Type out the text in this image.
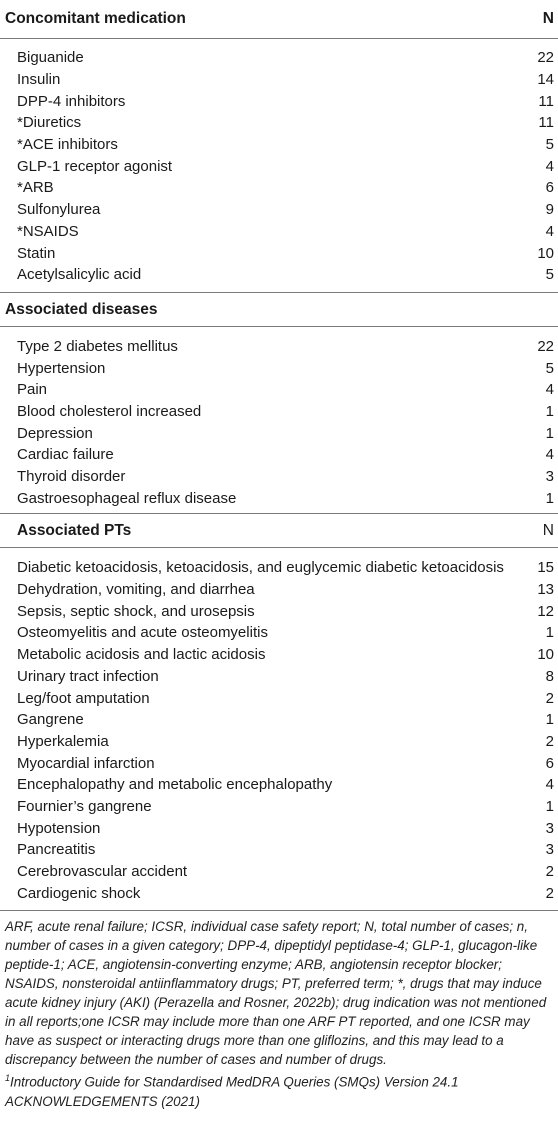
Concomitant medication	N
Biguanide	22
Insulin	14
DPP-4 inhibitors	11
*Diuretics	11
*ACE inhibitors	5
GLP-1 receptor agonist	4
*ARB	6
Sulfonylurea	9
*NSAIDS	4
Statin	10
Acetylsalicylic acid	5
Associated diseases
Type 2 diabetes mellitus	22
Hypertension	5
Pain	4
Blood cholesterol increased	1
Depression	1
Cardiac failure	4
Thyroid disorder	3
Gastroesophageal reflux disease	1
Associated PTs	N
Diabetic ketoacidosis, ketoacidosis, and euglycemic diabetic ketoacidosis 15
Dehydration, vomiting, and diarrhea	13
Sepsis, septic shock, and urosepsis	12
Osteomyelitis and acute osteomyelitis	1
Metabolic acidosis and lactic acidosis	10
Urinary tract infection	8
Leg/foot amputation	2
Gangrene	1
Hyperkalemia	2
Myocardial infarction	6
Encephalopathy and metabolic encephalopathy	4
Fournier’s gangrene	1
Hypotension	3
Pancreatitis	3
Cerebrovascular accident	2
Cardiogenic shock	2
ARF, acute renal failure; ICSR, individual case safety report; N, total number of cases; n, number of cases in a given category; DPP-4, dipeptidyl peptidase-4; GLP-1, glucagon-like peptide-1; ACE, angiotensin-converting enzyme; ARB, angiotensin receptor blocker; NSAIDS, nonsteroidal antiinflammatory drugs; PT, preferred term; *, drugs that may induce acute kidney injury (AKI) (Perazella and Rosner, 2022b); drug indication was not mentioned in all reports;one ICSR may include more than one ARF PT reported, and one ICSR may have as suspect or interacting drugs more than one gliflozins, and this may lead to a discrepancy between the number of cases and number of drugs.
$^1$Introductory Guide for Standardised MedDRA Queries (SMQs) Version 24.1
ACKNOWLEDGEMENTS (2021)
